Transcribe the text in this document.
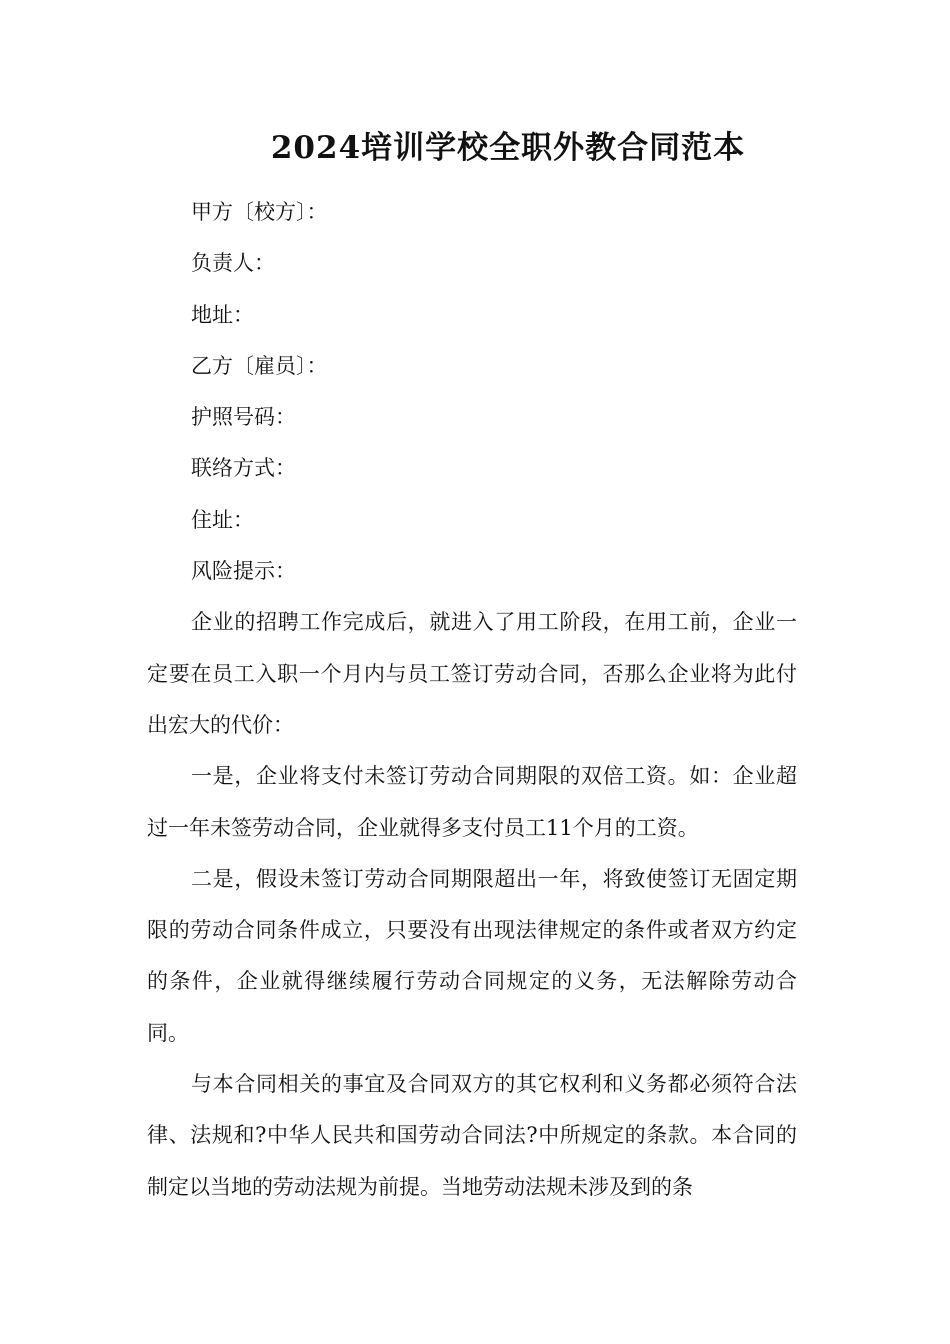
2024培训学校全职外教合同范本

甲方〔校方〕：

负责人：

地址：

乙方〔雇员〕：

护照号码：

联络方式：

住址：

风险提示：

企业的招聘工作完成后，就进入了用工阶段，在用工前，企业一定要在员工入职一个月内与员工签订劳动合同，否那么企业将为此付出宏大的代价：

一是，企业将支付未签订劳动合同期限的双倍工资。如：企业超过一年未签劳动合同，企业就得多支付员工11个月的工资。

二是，假设未签订劳动合同期限超出一年，将致使签订无固定期限的劳动合同条件成立，只要没有出现法律规定的条件或者双方约定的条件，企业就得继续履行劳动合同规定的义务，无法解除劳动合同。

与本合同相关的事宜及合同双方的其它权利和义务都必须符合法律、法规和?中华人民共和国劳动合同法?中所规定的条款。本合同的制定以当地的劳动法规为前提。当地劳动法规未涉及到的条
